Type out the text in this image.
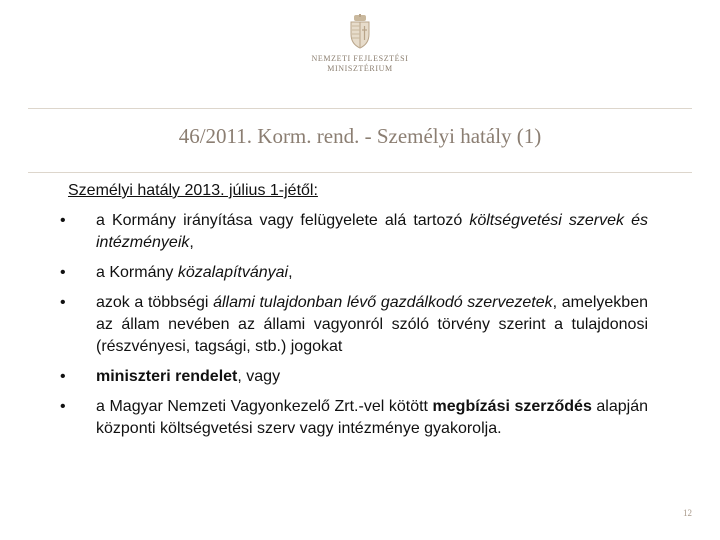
NEMZETI FEJLESZTÉSI
MINISZTÉRIUM
46/2011. Korm. rend. - Személyi hatály (1)
Személyi hatály 2013. július 1-jétől:
• a Kormány irányítása vagy felügyelete alá tartozó költségvetési szervek és intézményeik,
• a Kormány közalapítványai,
• azok a többségi állami tulajdonban lévő gazdálkodó szervezetek, amelyekben az állam nevében az állami vagyonról szóló törvény szerint a tulajdonosi (részvényesi, tagsági, stb.) jogokat
• miniszteri rendelet, vagy
• a Magyar Nemzeti Vagyonkezelő Zrt.-vel kötött megbízási szerződés alapján központi költségvetési szerv vagy intézménye gyakorolja.
12
